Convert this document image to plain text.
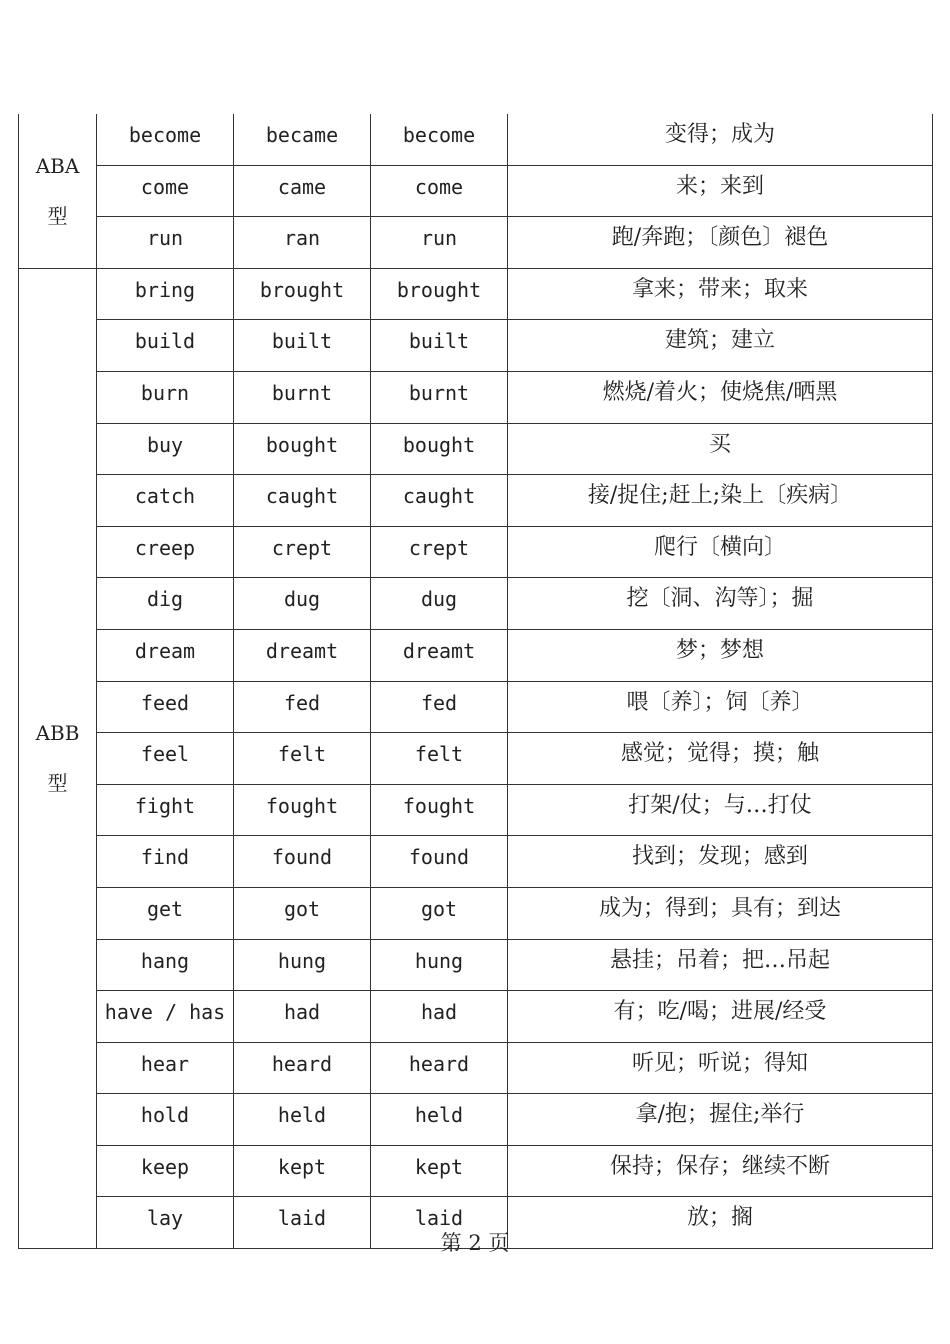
ABA
型	become	became	become	变得；成为
	come	came	come	来；来到
	run	ran	run	跑/奔跑；〔颜色〕褪色

ABB
型	bring	brought	brought	拿来；带来；取来
	build	built	built	建筑；建立
	burn	burnt	burnt	燃烧/着火；使烧焦/晒黑
	buy	bought	bought	买
	catch	caught	caught	接/捉住;赶上;染上〔疾病〕
	creep	crept	crept	爬行〔横向〕
	dig	dug	dug	挖〔洞、沟等〕；掘
	dream	dreamt	dreamt	梦；梦想
	feed	fed	fed	喂〔养〕；饲〔养〕
	feel	felt	felt	感觉；觉得；摸；触
	fight	fought	fought	打架/仗；与…打仗
	find	found	found	找到；发现；感到
	get	got	got	成为；得到；具有；到达
	hang	hung	hung	悬挂；吊着；把…吊起
	have / has	had	had	有；吃/喝；进展/经受
	hear	heard	heard	听见；听说；得知
	hold	held	held	拿/抱；握住;举行
	keep	kept	kept	保持；保存；继续不断
	lay	laid	laid	放；搁
第 2 页
